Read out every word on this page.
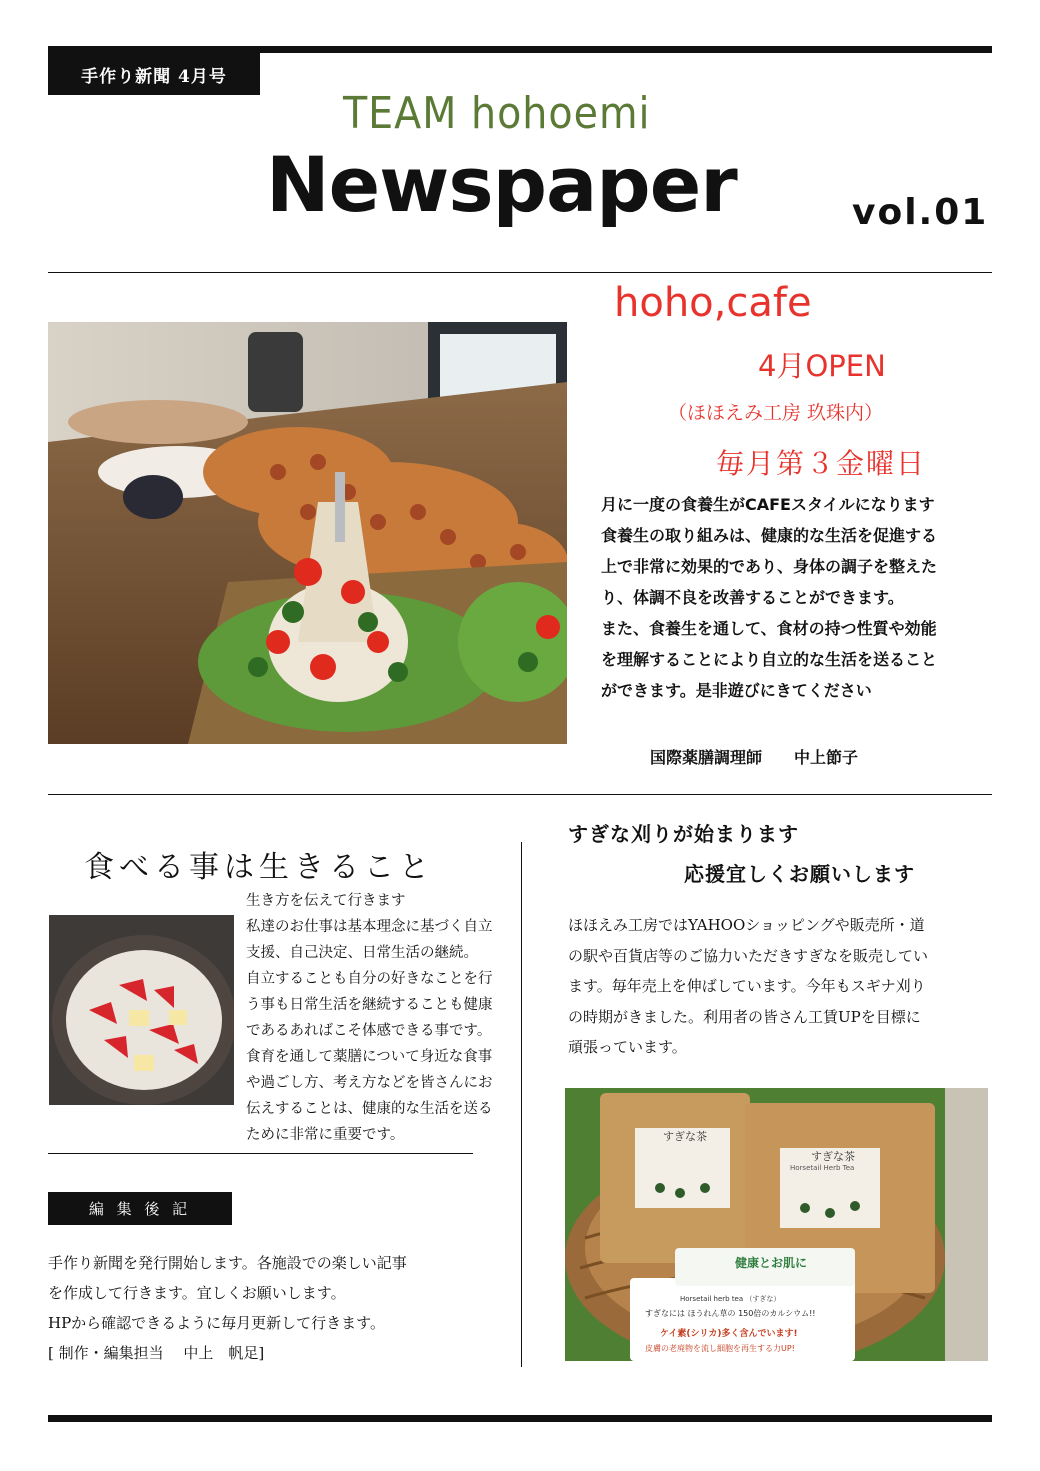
手作り新聞 4月号
TEAM hohoemi
Newspaper	vol.01
hoho,cafe
4月OPEN
（ほほえみ工房 玖珠内）
毎月第３金曜日
月に一度の食養生がCAFEスタイルになります
食養生の取り組みは、健康的な生活を促進する
上で非常に効果的であり、身体の調子を整えた
り、体調不良を改善することができます。
また、食養生を通して、食材の持つ性質や効能
を理解することにより自立的な生活を送ること
ができます。是非遊びにきてください
国際薬膳調理師　　中上節子
食べる事は生きること
生き方を伝えて行きます
私達のお仕事は基本理念に基づく自立
支援、自己決定、日常生活の継続。
自立することも自分の好きなことを行
う事も日常生活を継続することも健康
であるあればこそ体感できる事です。
食育を通して薬膳について身近な食事
や過ごし方、考え方などを皆さんにお
伝えすることは、健康的な生活を送る
ために非常に重要です。
編 集 後 記
手作り新聞を発行開始します。各施設での楽しい記事
を作成して行きます。宜しくお願いします。
HPから確認できるように毎月更新して行きます。
[ 制作・編集担当　 中上　帆足]
すぎな刈りが始まります
応援宜しくお願いします
ほほえみ工房ではYAHOOショッピングや販売所・道
の駅や百貨店等のご協力いただきすぎなを販売してい
ます。毎年売上を伸ばしています。今年もスギナ刈り
の時期がきました。利用者の皆さん工賃UPを目標に
頑張っています。
すぎな茶
すぎな茶
Horsetail Herb Tea
健康とお肌に
Horsetail herb tea （すぎな）
すぎなには ほうれん草の 150倍のカルシウム!!
ケイ素(シリカ)多く含んでいます!
皮膚の老廃物を流し細胞を再生する力UP!
